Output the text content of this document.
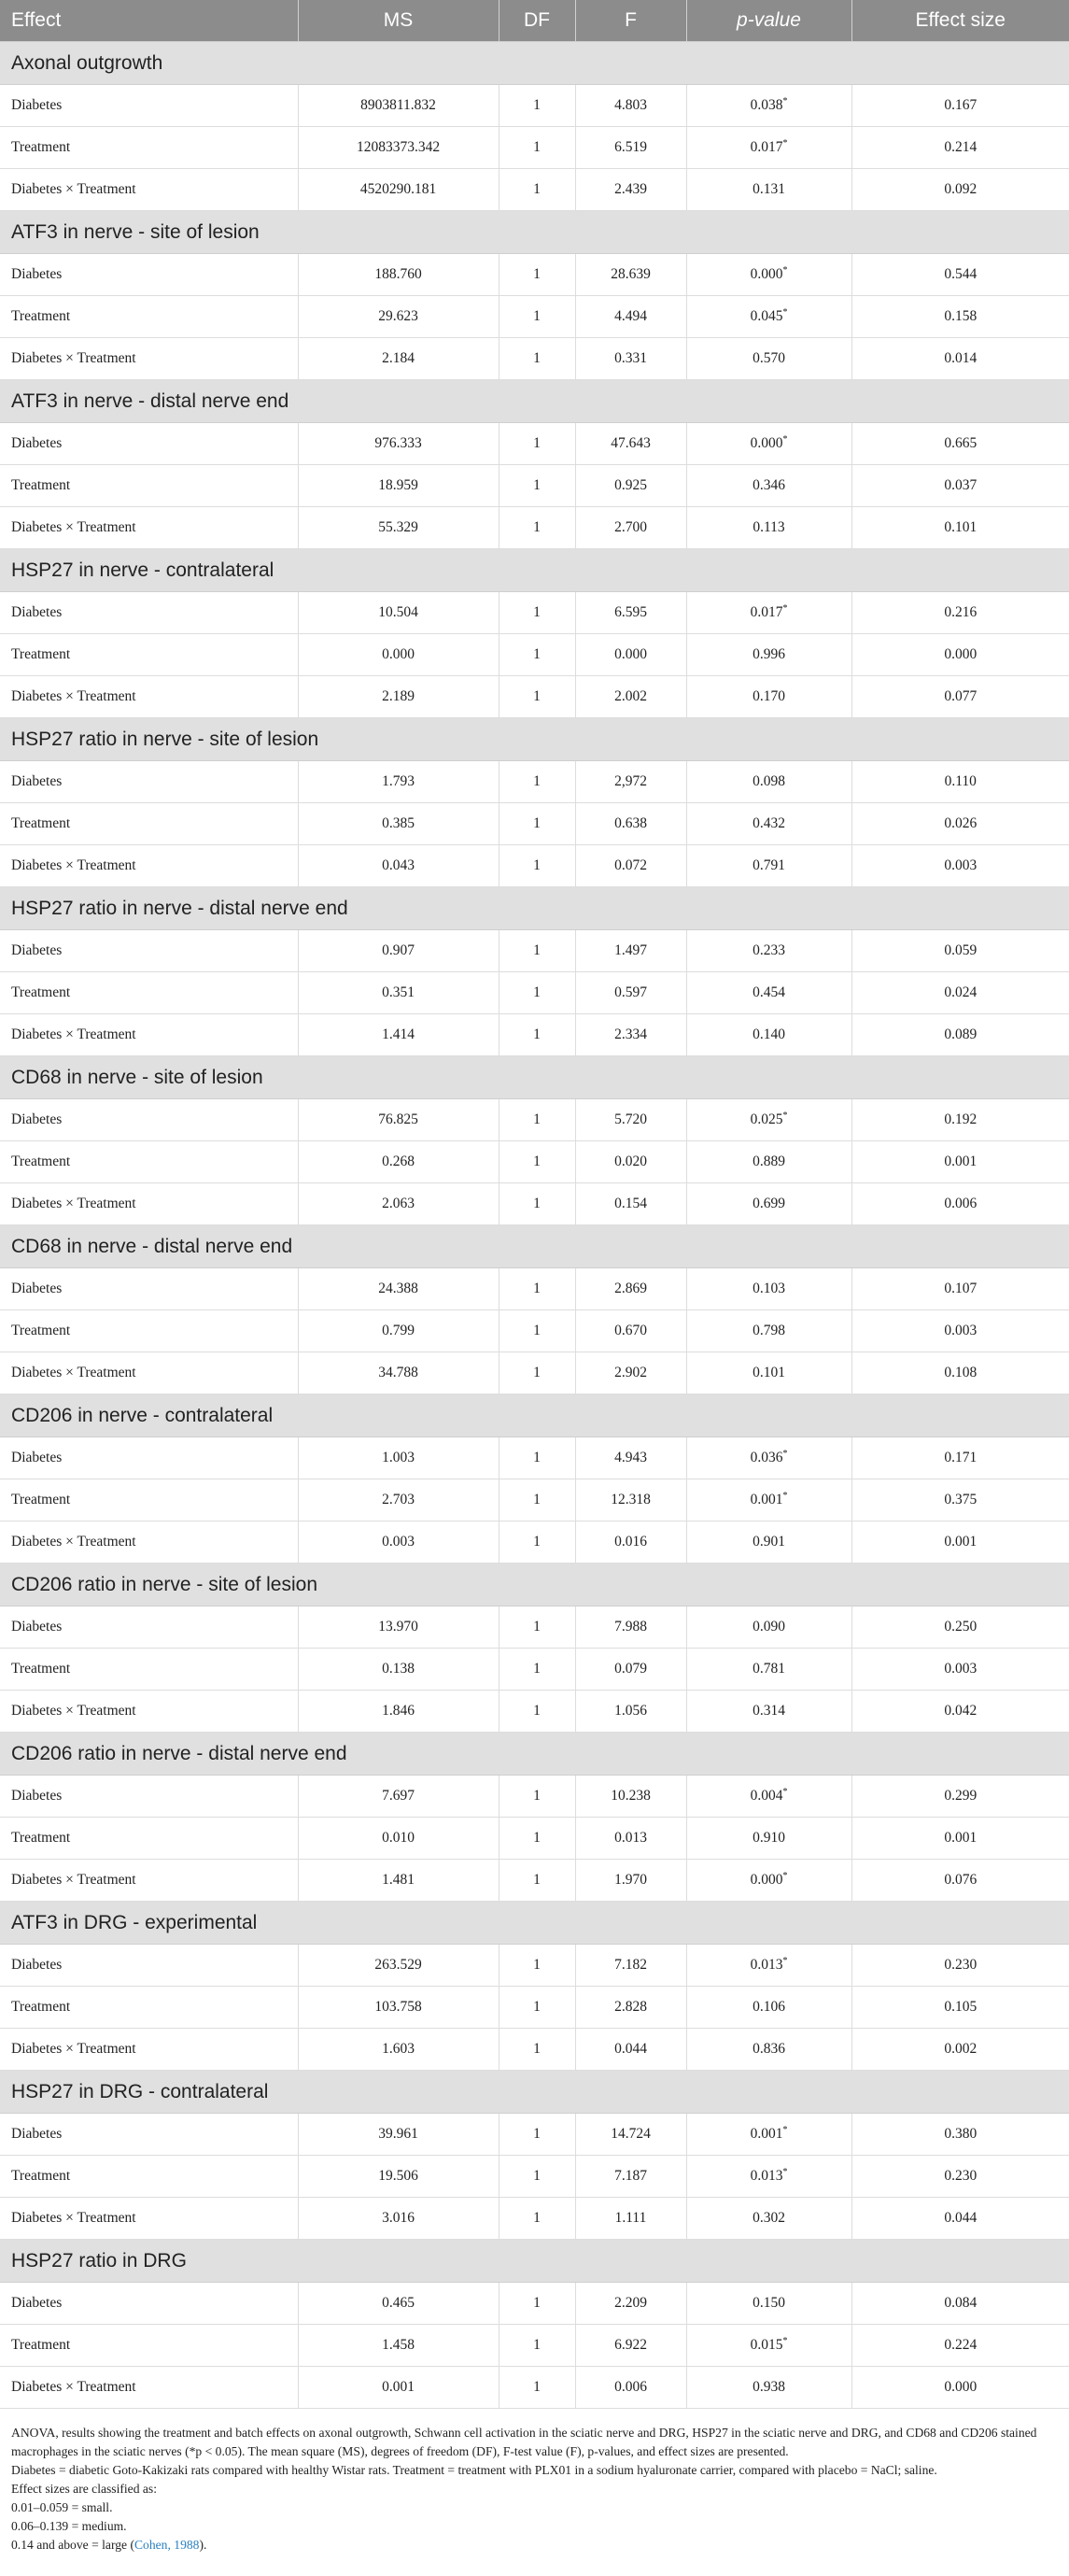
Effect	MS	DF	F	p-value	Effect size
Axonal outgrowth					
Diabetes	8903811.832	1	4.803	0.038*	0.167
Treatment	12083373.342	1	6.519	0.017*	0.214
Diabetes × Treatment	4520290.181	1	2.439	0.131	0.092
ATF3 in nerve - site of lesion					
Diabetes	188.760	1	28.639	0.000*	0.544
Treatment	29.623	1	4.494	0.045*	0.158
Diabetes × Treatment	2.184	1	0.331	0.570	0.014
ATF3 in nerve - distal nerve end					
Diabetes	976.333	1	47.643	0.000*	0.665
Treatment	18.959	1	0.925	0.346	0.037
Diabetes × Treatment	55.329	1	2.700	0.113	0.101
HSP27 in nerve - contralateral					
Diabetes	10.504	1	6.595	0.017*	0.216
Treatment	0.000	1	0.000	0.996	0.000
Diabetes × Treatment	2.189	1	2.002	0.170	0.077
HSP27 ratio in nerve - site of lesion					
Diabetes	1.793	1	2,972	0.098	0.110
Treatment	0.385	1	0.638	0.432	0.026
Diabetes × Treatment	0.043	1	0.072	0.791	0.003
HSP27 ratio in nerve - distal nerve end					
Diabetes	0.907	1	1.497	0.233	0.059
Treatment	0.351	1	0.597	0.454	0.024
Diabetes × Treatment	1.414	1	2.334	0.140	0.089
CD68 in nerve - site of lesion					
Diabetes	76.825	1	5.720	0.025*	0.192
Treatment	0.268	1	0.020	0.889	0.001
Diabetes × Treatment	2.063	1	0.154	0.699	0.006
CD68 in nerve - distal nerve end					
Diabetes	24.388	1	2.869	0.103	0.107
Treatment	0.799	1	0.670	0.798	0.003
Diabetes × Treatment	34.788	1	2.902	0.101	0.108
CD206 in nerve - contralateral					
Diabetes	1.003	1	4.943	0.036*	0.171
Treatment	2.703	1	12.318	0.001*	0.375
Diabetes × Treatment	0.003	1	0.016	0.901	0.001
CD206 ratio in nerve - site of lesion					
Diabetes	13.970	1	7.988	0.090	0.250
Treatment	0.138	1	0.079	0.781	0.003
Diabetes × Treatment	1.846	1	1.056	0.314	0.042
CD206 ratio in nerve - distal nerve end					
Diabetes	7.697	1	10.238	0.004*	0.299
Treatment	0.010	1	0.013	0.910	0.001
Diabetes × Treatment	1.481	1	1.970	0.000*	0.076
ATF3 in DRG - experimental					
Diabetes	263.529	1	7.182	0.013*	0.230
Treatment	103.758	1	2.828	0.106	0.105
Diabetes × Treatment	1.603	1	0.044	0.836	0.002
HSP27 in DRG - contralateral					
Diabetes	39.961	1	14.724	0.001*	0.380
Treatment	19.506	1	7.187	0.013*	0.230
Diabetes × Treatment	3.016	1	1.111	0.302	0.044
HSP27 ratio in DRG					
Diabetes	0.465	1	2.209	0.150	0.084
Treatment	1.458	1	6.922	0.015*	0.224
Diabetes × Treatment	0.001	1	0.006	0.938	0.000

ANOVA, results showing the treatment and batch effects on axonal outgrowth, Schwann cell activation in the sciatic nerve and DRG, HSP27 in the sciatic nerve and DRG, and CD68 and CD206 stained macrophages in the sciatic nerves (*p < 0.05). The mean square (MS), degrees of freedom (DF), F-test value (F), p-values, and effect sizes are presented.

Diabetes = diabetic Goto-Kakizaki rats compared with healthy Wistar rats. Treatment = treatment with PLX01 in a sodium hyaluronate carrier, compared with placebo = NaCl; saline.

Effect sizes are classified as:

0.01–0.059 = small.

0.06–0.139 = medium.

0.14 and above = large (Cohen, 1988).
